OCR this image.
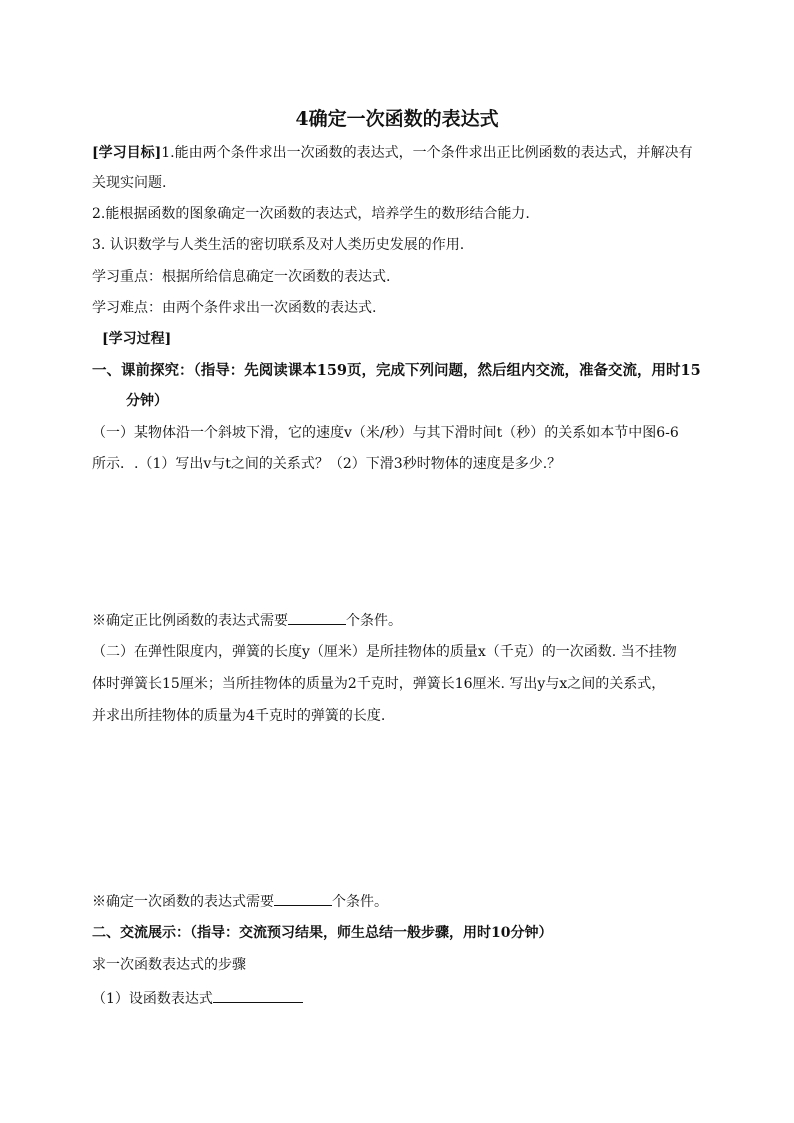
4确定一次函数的表达式
[学习目标]1.能由两个条件求出一次函数的表达式，一个条件求出正比例函数的表达式，并解决有
关现实问题.
2.能根据函数的图象确定一次函数的表达式，培养学生的数形结合能力.
3. 认识数学与人类生活的密切联系及对人类历史发展的作用.
学习重点：根据所给信息确定一次函数的表达式.
学习难点：由两个条件求出一次函数的表达式.
[学习过程]
一、课前探究：（指导：先阅读课本159页，完成下列问题，然后组内交流，准备交流，用时15
分钟）
（一）某物体沿一个斜坡下滑，它的速度v（米/秒）与其下滑时间t（秒）的关系如本节中图6-6
所示．.（1）写出v与t之间的关系式？（2）下滑3秒时物体的速度是多少.？
※确定正比例函数的表达式需要	个条件。
（二）在弹性限度内，弹簧的长度y（厘米）是所挂物体的质量x（千克）的一次函数. 当不挂物
体时弹簧长15厘米；当所挂物体的质量为2千克时，弹簧长16厘米. 写出y与x之间的关系式，
并求出所挂物体的质量为4千克时的弹簧的长度.
※确定一次函数的表达式需要	个条件。
二、交流展示：（指导：交流预习结果，师生总结一般步骤，用时10分钟）
求一次函数表达式的步骤
（1）设函数表达式
